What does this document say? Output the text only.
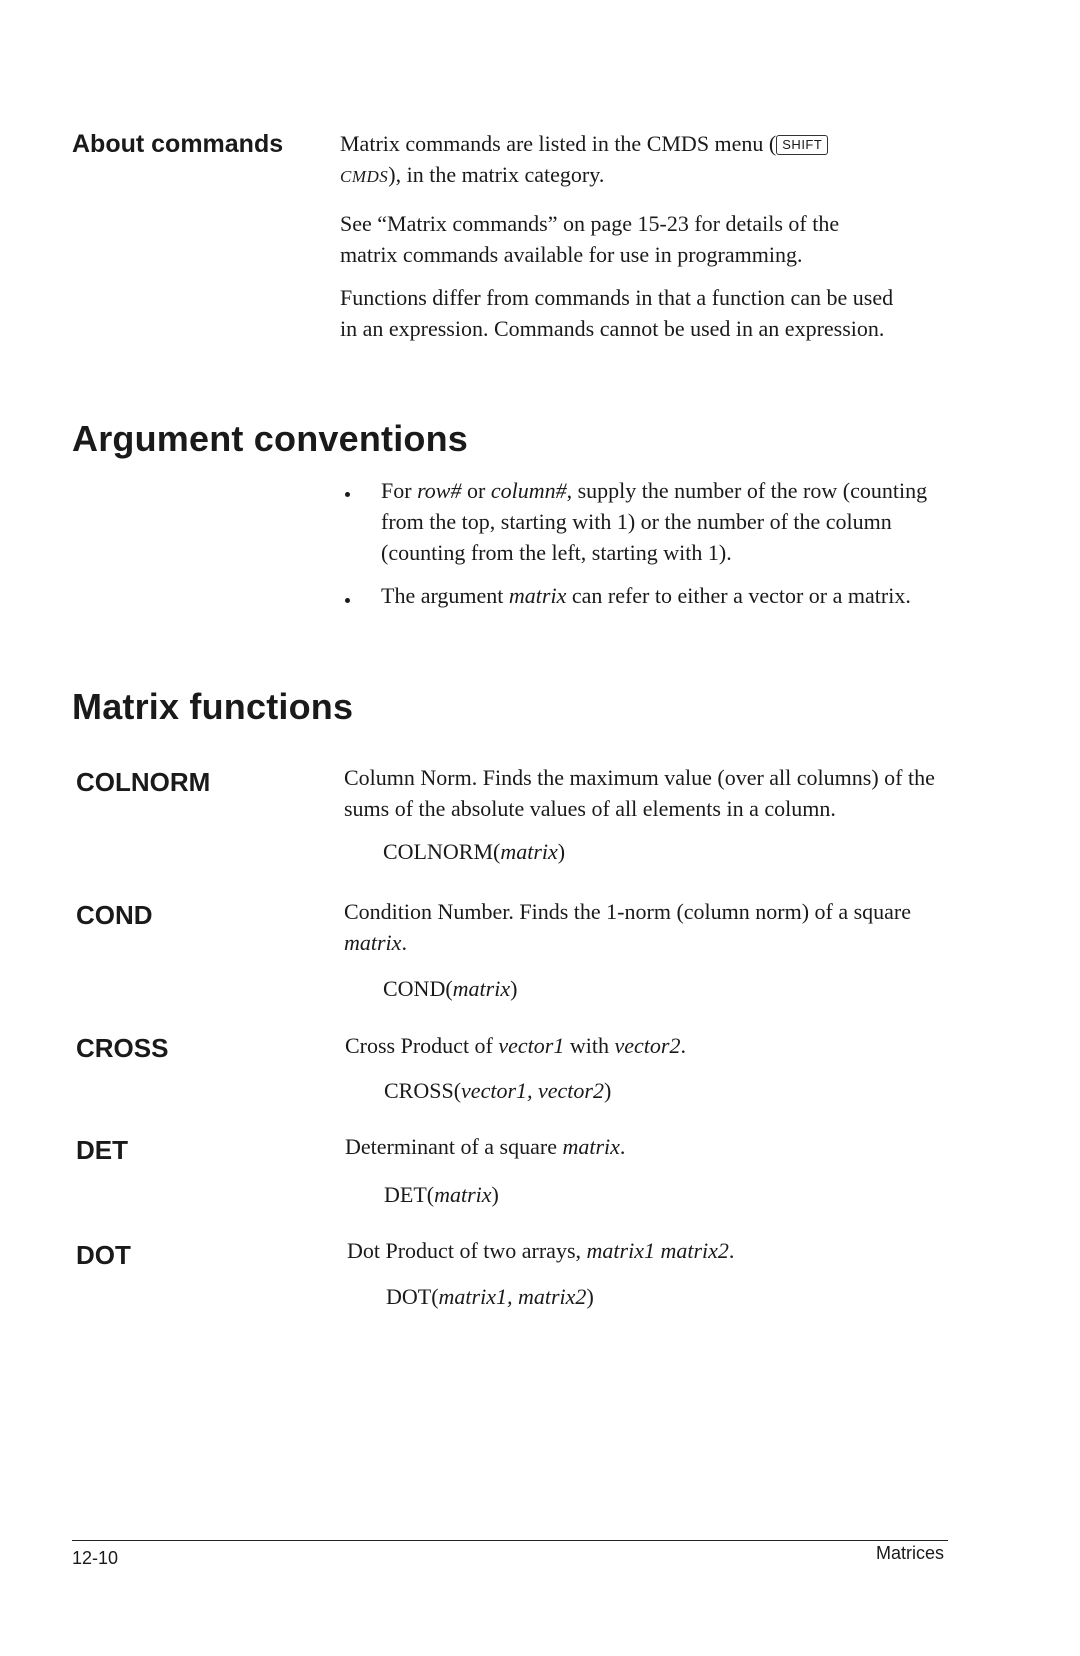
About commands	Matrix commands are listed in the CMDS menu ( SHIFT
CMDS), in the matrix category.

See “Matrix commands” on page 15-23 for details of the matrix commands available for use in programming.

Functions differ from commands in that a function can be used in an expression. Commands cannot be used in an expression.

Argument conventions
For row# or column#, supply the number of the row (counting from the top, starting with 1) or the number of the column (counting from the left, starting with 1).
The argument matrix can refer to either a vector or a matrix.
Matrix functions
COLNORM	Column Norm. Finds the maximum value (over all columns) of the sums of the absolute values of all elements in a column.
COLNORM(matrix)
COND	Condition Number. Finds the 1-norm (column norm) of a square matrix.
COND(matrix)
CROSS	Cross Product of vector1 with vector2.
CROSS(vector1, vector2)
DET	Determinant of a square matrix.
DET(matrix)
DOT	Dot Product of two arrays, matrix1 matrix2.
DOT(matrix1, matrix2)
12-10	Matrices
